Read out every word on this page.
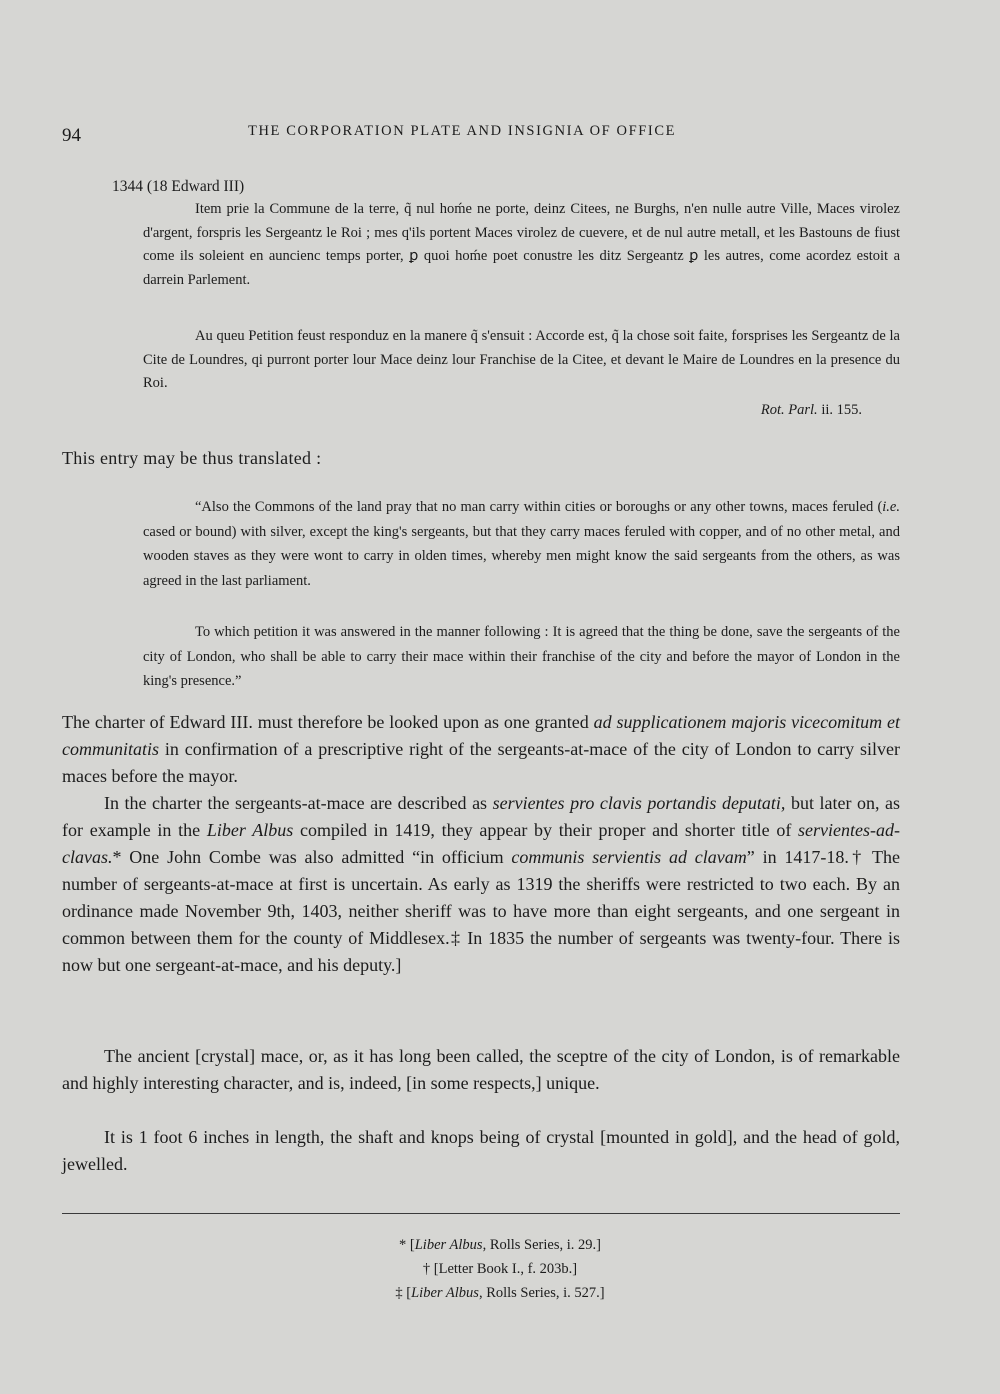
94	THE CORPORATION PLATE AND INSIGNIA OF OFFICE
1344 (18 Edward III)

Item prie la Commune de la terre, q̃ nul hoḿe ne porte, deinz Citees, ne Burghs, n'en nulle autre Ville, Maces virolez d'argent, forspris les Sergeantz le Roi ; mes q'ils portent Maces virolez de cuevere, et de nul autre metall, et les Bastouns de fiust come ils soleient en auncienc temps porter, ꝑ quoi hoḿe poet conustre les ditz Sergeantz ꝑ les autres, come acordez estoit a darrein Parlement.

Au queu Petition feust responduz en la manere q̃ s'ensuit : Accorde est, q̃ la chose soit faite, forsprises les Sergeantz de la Cite de Loundres, qi purront porter lour Mace deinz lour Franchise de la Citee, et devant le Maire de Loundres en la presence du Roi.

Rot. Parl. ii. 155.
This entry may be thus translated :

“Also the Commons of the land pray that no man carry within cities or boroughs or any other towns, maces feruled (i.e. cased or bound) with silver, except the king's sergeants, but that they carry maces feruled with copper, and of no other metal, and wooden staves as they were wont to carry in olden times, whereby men might know the said sergeants from the others, as was agreed in the last parliament.

To which petition it was answered in the manner following : It is agreed that the thing be done, save the sergeants of the city of London, who shall be able to carry their mace within their franchise of the city and before the mayor of London in the king's presence.”

The charter of Edward III. must therefore be looked upon as one granted ad supplicationem majoris vicecomitum et communitatis in confirmation of a prescriptive right of the sergeants-at-mace of the city of London to carry silver maces before the mayor.

In the charter the sergeants-at-mace are described as servientes pro clavis portandis deputati, but later on, as for example in the Liber Albus compiled in 1419, they appear by their proper and shorter title of servientes-ad-clavas.* One John Combe was also admitted “in officium communis servientis ad clavam” in 1417-18.† The number of sergeants-at-mace at first is uncertain. As early as 1319 the sheriffs were restricted to two each. By an ordinance made November 9th, 1403, neither sheriff was to have more than eight sergeants, and one sergeant in common between them for the county of Middlesex.‡ In 1835 the number of sergeants was twenty-four. There is now but one sergeant-at-mace, and his deputy.]

The ancient [crystal] mace, or, as it has long been called, the sceptre of the city of London, is of remarkable and highly interesting character, and is, indeed, [in some respects,] unique.

It is 1 foot 6 inches in length, the shaft and knops being of crystal [mounted in gold], and the head of gold, jewelled.

* [Liber Albus, Rolls Series, i. 29.]
† [Letter Book I., f. 203b.]
‡ [Liber Albus, Rolls Series, i. 527.]
